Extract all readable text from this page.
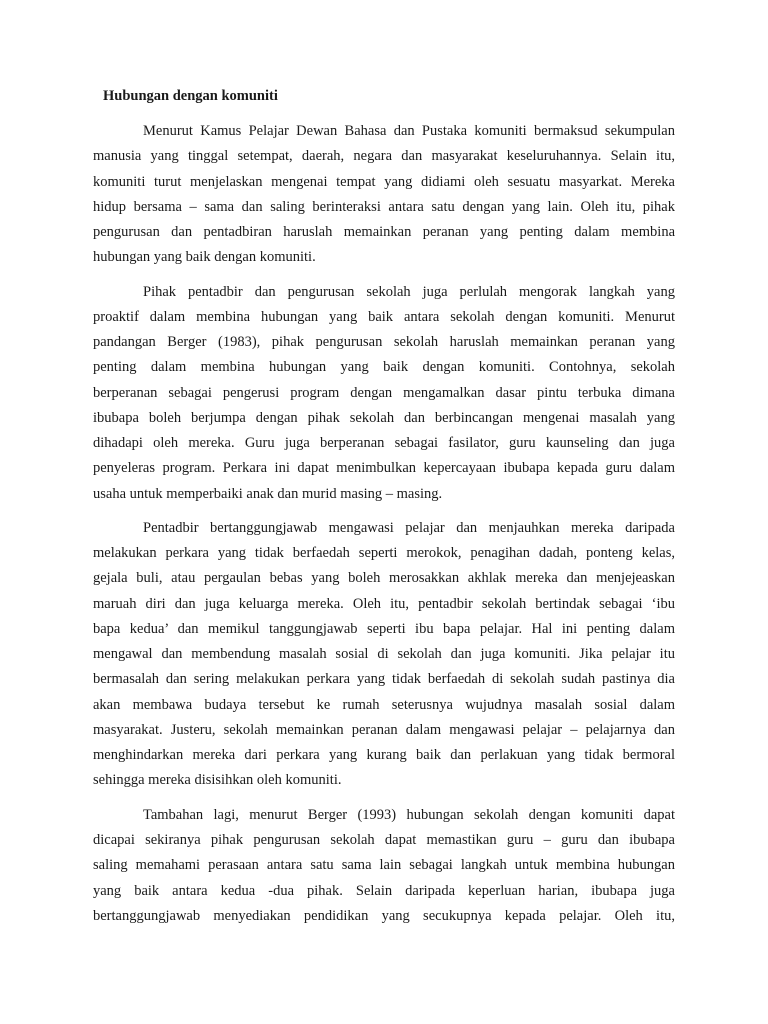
Hubungan dengan komuniti
Menurut Kamus Pelajar Dewan Bahasa dan Pustaka komuniti bermaksud sekumpulan
manusia yang tinggal setempat, daerah, negara dan masyarakat keseluruhannya. Selain itu,
komuniti turut menjelaskan mengenai tempat yang didiami oleh sesuatu masyarkat. Mereka
hidup bersama – sama dan saling berinteraksi antara satu dengan yang lain. Oleh itu, pihak
pengurusan dan pentadbiran haruslah memainkan peranan yang penting dalam membina
hubungan yang baik dengan komuniti.
Pihak pentadbir dan pengurusan sekolah juga perlulah mengorak langkah yang
proaktif dalam membina hubungan yang baik antara sekolah dengan komuniti. Menurut
pandangan Berger (1983), pihak pengurusan sekolah haruslah memainkan peranan yang
penting dalam membina hubungan yang baik dengan komuniti. Contohnya, sekolah
berperanan sebagai pengerusi program dengan mengamalkan dasar pintu terbuka dimana
ibubapa boleh berjumpa dengan pihak sekolah dan berbincangan mengenai masalah yang
dihadapi oleh mereka. Guru juga berperanan sebagai fasilator, guru kaunseling dan juga
penyeleras program. Perkara ini dapat menimbulkan kepercayaan ibubapa kepada guru dalam
usaha untuk memperbaiki anak dan murid masing – masing.
Pentadbir bertanggungjawab mengawasi pelajar dan menjauhkan mereka daripada
melakukan perkara yang tidak berfaedah seperti merokok, penagihan dadah, ponteng kelas,
gejala buli, atau pergaulan bebas yang boleh merosakkan akhlak mereka dan menjejeaskan
maruah diri dan juga keluarga mereka. Oleh itu, pentadbir sekolah bertindak sebagai ‘ibu
bapa kedua’ dan memikul tanggungjawab seperti ibu bapa pelajar. Hal ini penting dalam
mengawal dan membendung masalah sosial di sekolah dan juga komuniti. Jika pelajar itu
bermasalah dan sering melakukan perkara yang tidak berfaedah di sekolah sudah pastinya dia
akan membawa budaya tersebut ke rumah seterusnya wujudnya masalah sosial dalam
masyarakat. Justeru, sekolah memainkan peranan dalam mengawasi pelajar – pelajarnya dan
menghindarkan mereka dari perkara yang kurang baik dan perlakuan yang tidak bermoral
sehingga mereka disisihkan oleh komuniti.
Tambahan lagi, menurut Berger (1993) hubungan sekolah dengan komuniti dapat
dicapai sekiranya pihak pengurusan sekolah dapat memastikan guru – guru dan ibubapa
saling memahami perasaan antara satu sama lain sebagai langkah untuk membina hubungan
yang baik antara kedua -dua pihak. Selain daripada keperluan harian, ibubapa juga
bertanggungjawab menyediakan pendidikan yang secukupnya kepada pelajar. Oleh itu,
